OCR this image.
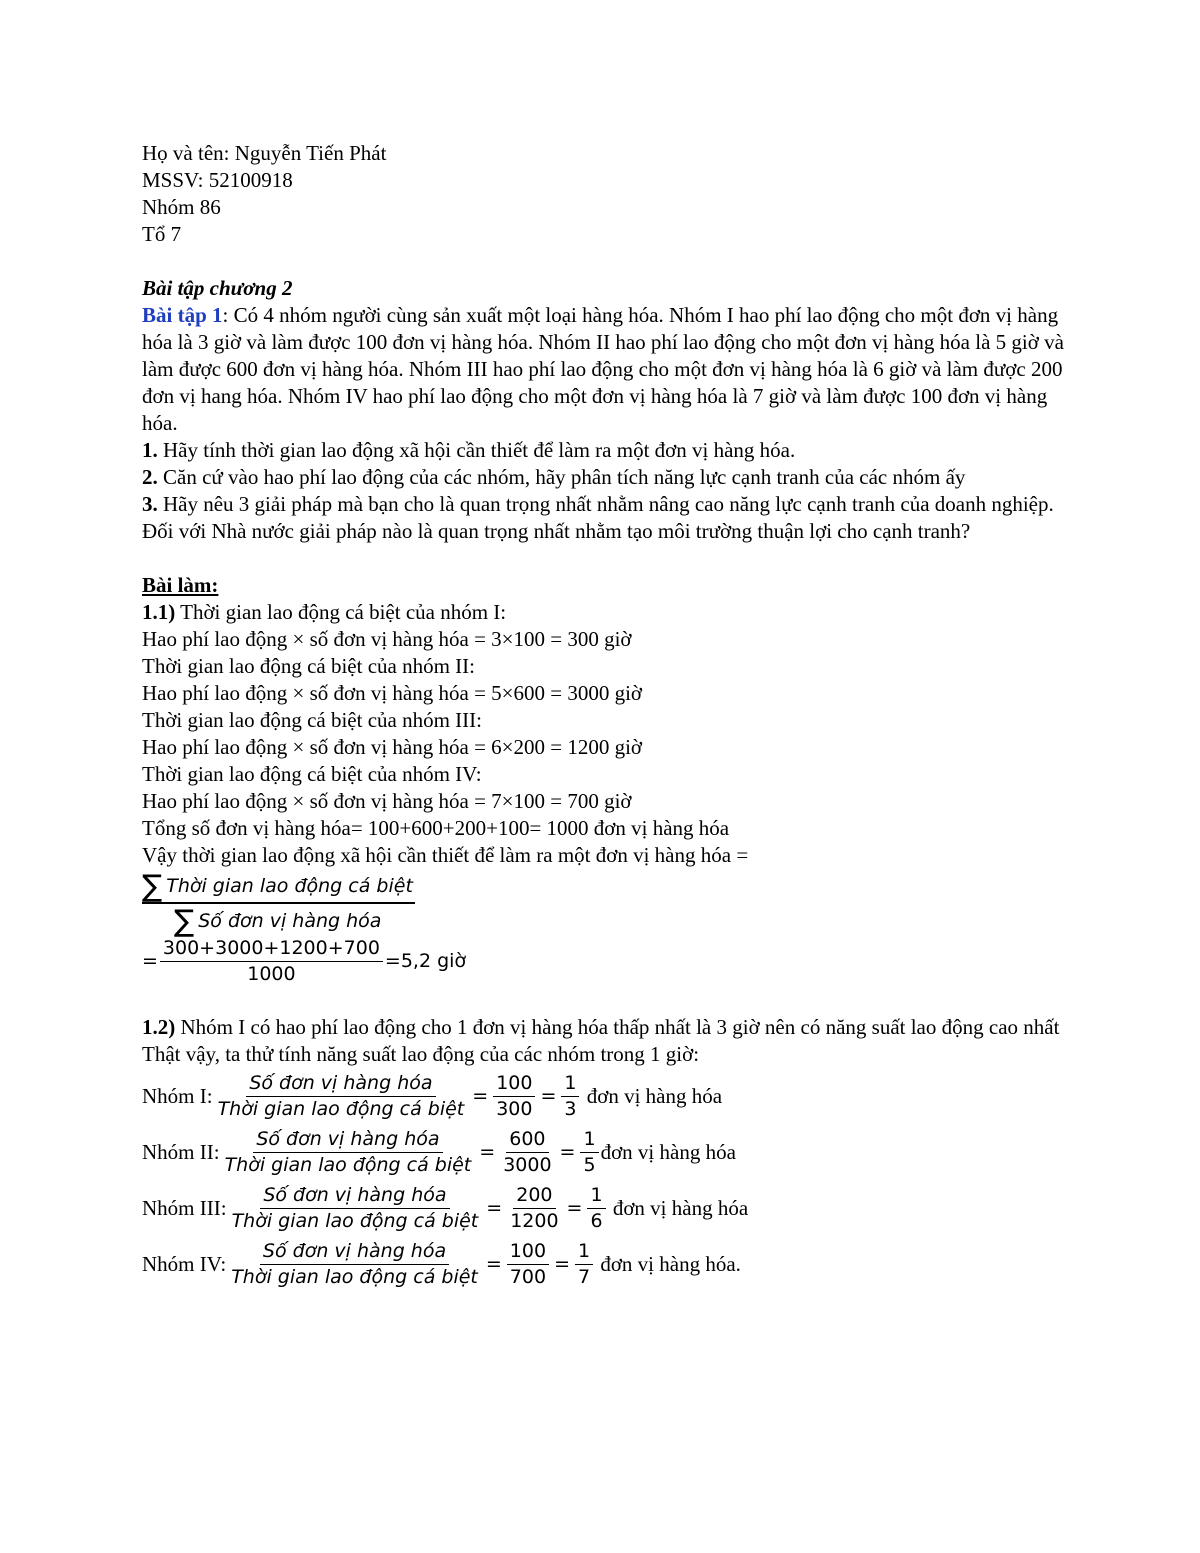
Họ và tên: Nguyễn Tiến Phát
MSSV: 52100918
Nhóm 86
Tổ 7
Bài tập chương 2
Bài tập 1: Có 4 nhóm người cùng sản xuất một loại hàng hóa. Nhóm I hao phí lao động cho một đơn vị hàng hóa là 3 giờ và làm được 100 đơn vị hàng hóa. Nhóm II hao phí lao động cho một đơn vị hàng hóa là 5 giờ và làm được 600 đơn vị hàng hóa. Nhóm III hao phí lao động cho một đơn vị hàng hóa là 6 giờ và làm được 200 đơn vị hang hóa. Nhóm IV hao phí lao động cho một đơn vị hàng hóa là 7 giờ và làm được 100 đơn vị hàng hóa.
1. Hãy tính thời gian lao động xã hội cần thiết để làm ra một đơn vị hàng hóa.
2. Căn cứ vào hao phí lao động của các nhóm, hãy phân tích năng lực cạnh tranh của các nhóm ấy
3. Hãy nêu 3 giải pháp mà bạn cho là quan trọng nhất nhằm nâng cao năng lực cạnh tranh của doanh nghiệp. Đối với Nhà nước giải pháp nào là quan trọng nhất nhằm tạo môi trường thuận lợi cho cạnh tranh?
Bài làm:
1.1) Thời gian lao động cá biệt của nhóm I:
Hao phí lao động × số đơn vị hàng hóa = 3×100 = 300 giờ
Thời gian lao động cá biệt của nhóm II:
Hao phí lao động × số đơn vị hàng hóa = 5×600 = 3000 giờ
Thời gian lao động cá biệt của nhóm III:
Hao phí lao động × số đơn vị hàng hóa = 6×200 = 1200 giờ
Thời gian lao động cá biệt của nhóm IV:
Hao phí lao động × số đơn vị hàng hóa = 7×100 = 700 giờ
Tổng số đơn vị hàng hóa= 100+600+200+100= 1000 đơn vị hàng hóa
Vậy thời gian lao động xã hội cần thiết để làm ra một đơn vị hàng hóa =
∑ Thời gian lao động cá biệt
∑ Số đơn vị hàng hóa
= $\frac{300+3000+1200+700}{1000} =5,2$ giờ
1.2) Nhóm I có hao phí lao động cho 1 đơn vị hàng hóa thấp nhất là 3 giờ nên có năng suất lao động cao nhất
Thật vậy, ta thử tính năng suất lao động của các nhóm trong 1 giờ:
Nhóm I: $\frac{\text{Số đơn vị hàng hóa}}{\text{Thời gian lao động cá biệt}} = \frac{100}{300} = \frac{1}{3}$ đơn vị hàng hóa
Nhóm II: $\frac{\text{Số đơn vị hàng hóa}}{\text{Thời gian lao động cá biệt}} = \frac{600}{3000} = \frac{1}{5}$ đơn vị hàng hóa
Nhóm III: $\frac{\text{Số đơn vị hàng hóa}}{\text{Thời gian lao động cá biệt}} = \frac{200}{1200} = \frac{1}{6}$ đơn vị hàng hóa
Nhóm IV: $\frac{\text{Số đơn vị hàng hóa}}{\text{Thời gian lao động cá biệt}} = \frac{100}{700} = \frac{1}{7}$ đơn vị hàng hóa.
